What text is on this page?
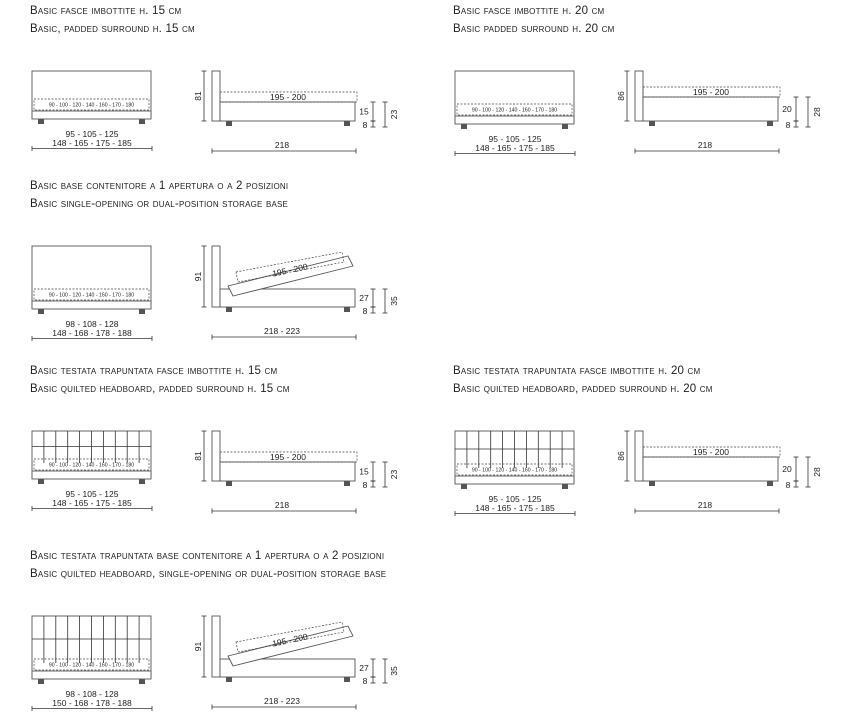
Basic fasce imbottite h. 15 cm
Basic, padded surround h. 15 cm
90 - 100 - 120 - 140 - 160 - 170 - 180
95 - 105 - 125
148 - 165 - 175 - 185
81	195 - 200
15
8
23
218
Basic fasce imbottite h. 20 cm
Basic padded surround h. 20 cm
90 - 100 - 120 - 140 - 160 - 170 - 180
95 - 105 - 125
148 - 165 - 175 - 185
86	195 - 200
20
8
28
218
Basic base contenitore a 1 apertura o a 2 posizioni
Basic single-opening or dual-position storage base
90 - 100 - 120 - 140 - 160 - 170 - 180
98 - 108 - 128
148 - 168 - 178 - 188
91	195 - 200
27
8
35
218 - 223
Basic testata trapuntata fasce imbottite h. 15 cm
Basic quilted headboard, padded surround h. 15 cm
90 - 100 - 120 - 140 - 160 - 170 - 180
95 - 105 - 125
148 - 165 - 175 - 185
81	195 - 200
15
8
23
218
Basic testata trapuntata fasce imbottite h. 20 cm
Basic quilted headboard, padded surround h. 20 cm
90 - 100 - 120 - 140 - 160 - 170 - 180
95 - 105 - 125
148 - 165 - 175 - 185
86	195 - 200
20
8
28
218
Basic testata trapuntata base contenitore a 1 apertura o a 2 posizioni
Basic quilted headboard, single-opening or dual-position storage base
90 - 100 - 120 - 140 - 160 - 170 - 180
98 - 108 - 128
150 - 168 - 178 - 188
91	195 - 200
27
8
35
218 - 223
